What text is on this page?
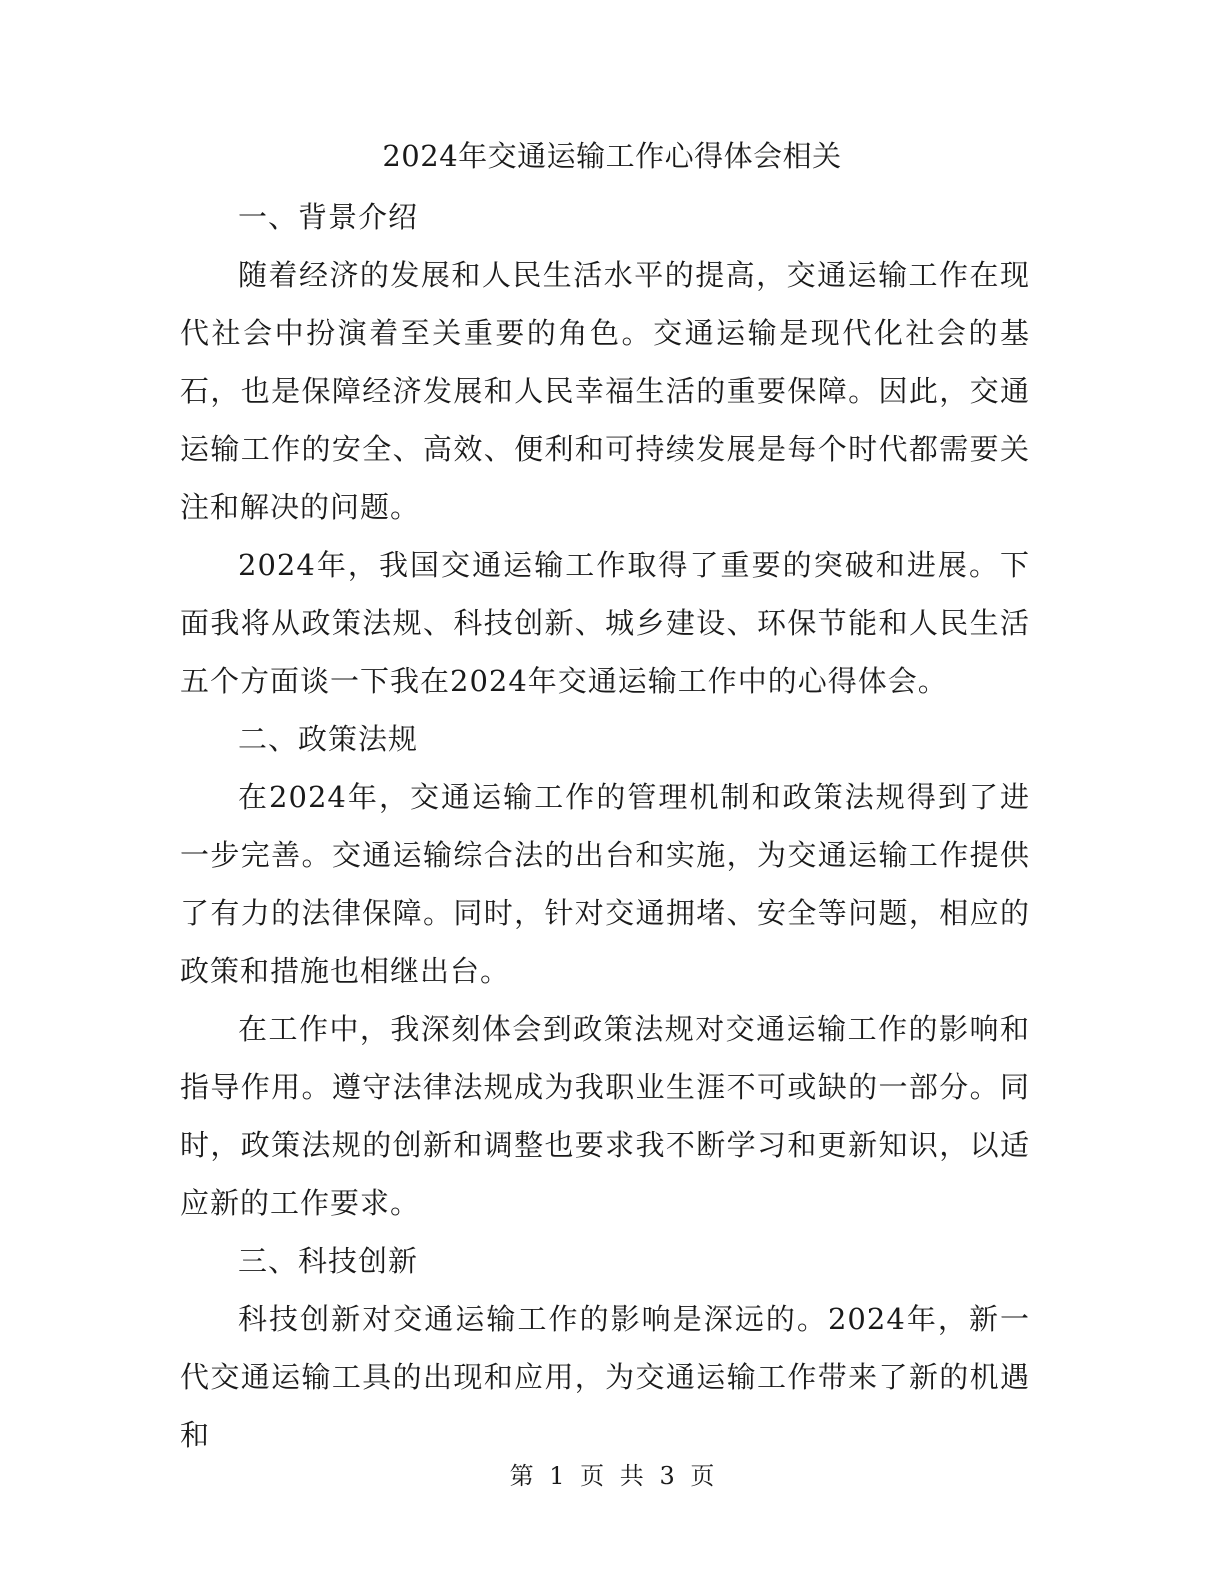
2024年交通运输工作心得体会相关
一、背景介绍

随着经济的发展和人民生活水平的提高，交通运输工作在现代社会中扮演着至关重要的角色。交通运输是现代化社会的基石，也是保障经济发展和人民幸福生活的重要保障。因此，交通运输工作的安全、高效、便利和可持续发展是每个时代都需要关注和解决的问题。

2024年，我国交通运输工作取得了重要的突破和进展。下面我将从政策法规、科技创新、城乡建设、环保节能和人民生活五个方面谈一下我在2024年交通运输工作中的心得体会。

二、政策法规

在2024年，交通运输工作的管理机制和政策法规得到了进一步完善。交通运输综合法的出台和实施，为交通运输工作提供了有力的法律保障。同时，针对交通拥堵、安全等问题，相应的政策和措施也相继出台。

在工作中，我深刻体会到政策法规对交通运输工作的影响和指导作用。遵守法律法规成为我职业生涯不可或缺的一部分。同时，政策法规的创新和调整也要求我不断学习和更新知识，以适应新的工作要求。

三、科技创新

科技创新对交通运输工作的影响是深远的。2024年，新一代交通运输工具的出现和应用，为交通运输工作带来了新的机遇和

第 1 页 共 3 页
